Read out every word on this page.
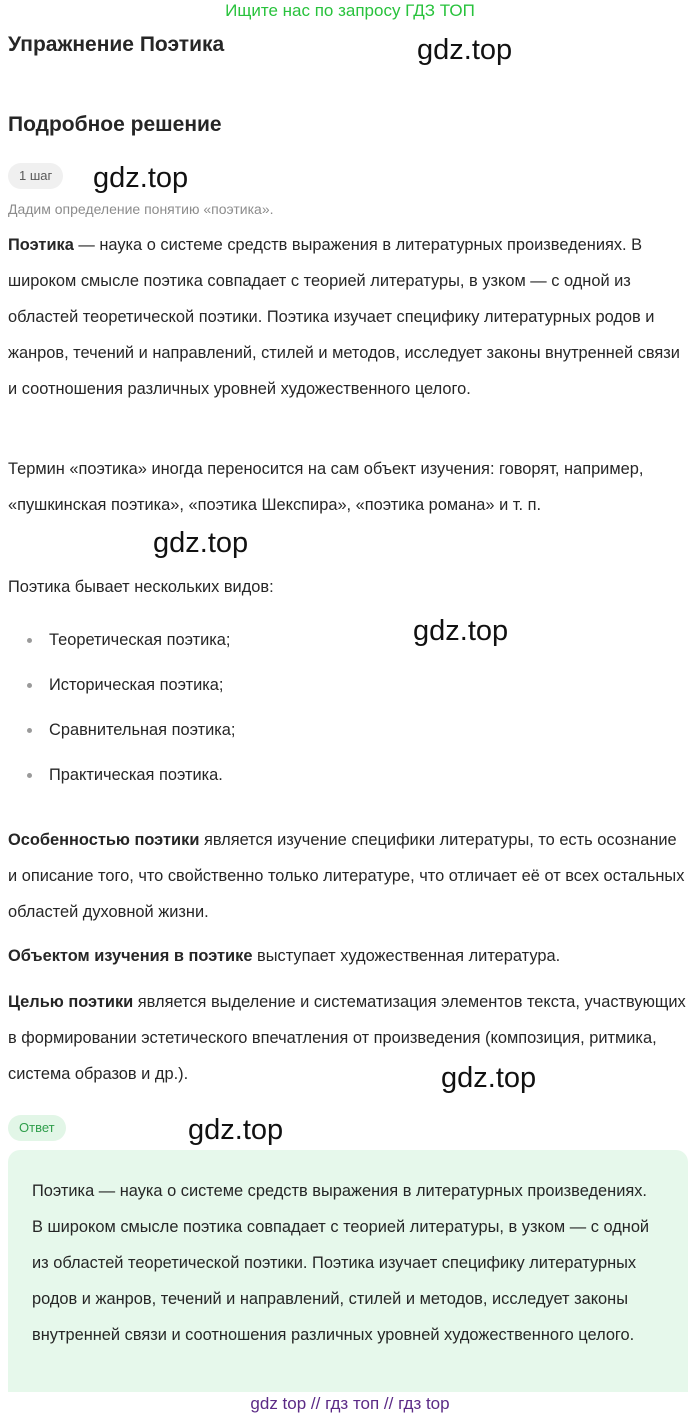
Ищите нас по запросу ГДЗ ТОП
Упражнение Поэтика
Подробное решение
gdz.top
gdz.top
gdz.top
gdz.top
gdz.top
gdz.top
1 шаг
Дадим определение понятию «поэтика».

Поэтика — наука о системе средств выражения в литературных произведениях. В широком смысле поэтика совпадает с теорией литературы, в узком — с одной из областей теоретической поэтики. Поэтика изучает специфику литературных родов и жанров, течений и направлений, стилей и методов, исследует законы внутренней связи и соотношения различных уровней художественного целого.

Термин «поэтика» иногда переносится на сам объект изучения: говорят, например, «пушкинская поэтика», «поэтика Шекспира», «поэтика романа» и т. п.

Поэтика бывает нескольких видов:

Теоретическая поэтика;
Историческая поэтика;
Сравнительная поэтика;
Практическая поэтика.

Особенностью поэтики является изучение специфики литературы, то есть осознание и описание того, что свойственно только литературе, что отличает её от всех остальных областей духовной жизни.

Объектом изучения в поэтике выступает художественная литература.

Целью поэтики является выделение и систематизация элементов текста, участвующих в формировании эстетического впечатления от произведения (композиция, ритмика, система образов и др.).

Ответ

Поэтика — наука о системе средств выражения в литературных произведениях. В широком смысле поэтика совпадает с теорией литературы, в узком — с одной из областей теоретической поэтики. Поэтика изучает специфику литературных родов и жанров, течений и направлений, стилей и методов, исследует законы внутренней связи и соотношения различных уровней художественного целого.

gdz top // гдз топ // гдз top
